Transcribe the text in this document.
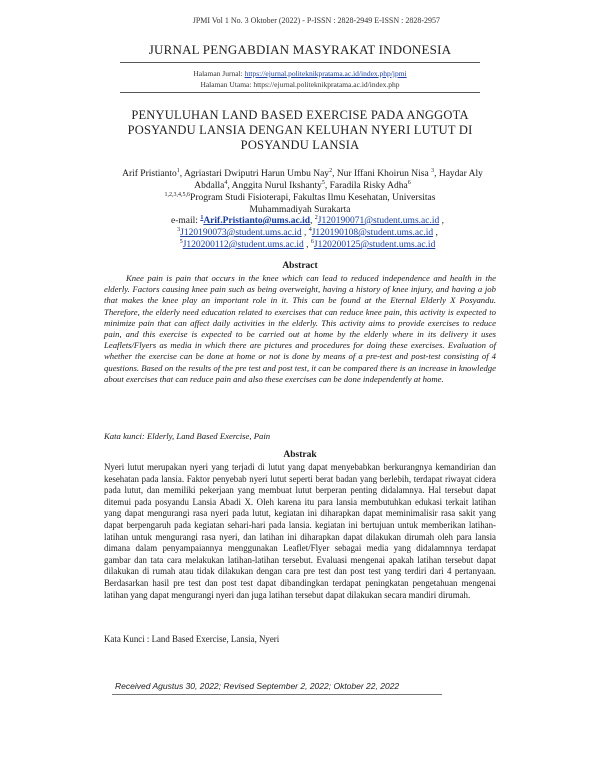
JPMI Vol 1 No. 3 Oktober (2022) - P-ISSN : 2828-2949 E-ISSN : 2828-2957
JURNAL PENGABDIAN MASYRAKAT INDONESIA
Halaman Jurnal: https://ejurnal.politeknikpratama.ac.id/index.php/jpmi
Halaman Utama: https://ejurnal.politeknikpratama.ac.id/index.php
PENYULUHAN LAND BASED EXERCISE PADA ANGGOTA POSYANDU LANSIA DENGAN KELUHAN NYERI LUTUT DI POSYANDU LANSIA
Arif Pristianto$^1$, Agriastari Dwiputri Harun Umbu Nay$^2$, Nur Iffani Khoirun Nisa $^3$, Haydar Aly Abdalla$^4$, Anggita Nurul Ikshanty$^5$, Faradila Risky Adha$^6$
$^{1,2,3,4,5,6}$Program Studi Fisioterapi, Fakultas Ilmu Kesehatan, Universitas Muhammadiyah Surakarta
e-mail: $^1$Arif.Pristianto@ums.ac.id, $^2$J120190071@student.ums.ac.id ,
$^3$J120190073@student.ums.ac.id , $^4$J120190108@student.ums.ac.id ,
$^5$J120200112@student.ums.ac.id , $^6$J120200125@student.ums.ac.id
Abstract
Knee pain is pain that occurs in the knee which can lead to reduced independence and health in the elderly. Factors causing knee pain such as being overweight, having a history of knee injury, and having a job that makes the knee play an important role in it. This can be found at the Eternal Elderly X Posyandu. Therefore, the elderly need education related to exercises that can reduce knee pain, this activity is expected to minimize pain that can affect daily activities in the elderly. This activity aims to provide exercises to reduce pain, and this exercise is expected to be carried out at home by the elderly where in its delivery it uses Leaflets/Flyers as media in which there are pictures and procedures for doing these exercises. Evaluation of whether the exercise can be done at home or not is done by means of a pre-test and post-test consisting of 4 questions. Based on the results of the pre test and post test, it can be compared there is an increase in knowledge about exercises that can reduce pain and also these exercises can be done independently at home.
Kata kunci: Elderly, Land Based Exercise, Pain
Abstrak
Nyeri lutut merupakan nyeri yang terjadi di lutut yang dapat menyebabkan berkurangnya kemandirian dan kesehatan pada lansia. Faktor penyebab nyeri lutut seperti berat badan yang berlebih, terdapat riwayat cidera pada lutut, dan memiliki pekerjaan yang membuat lutut berperan penting didalamnya. Hal tersebut dapat ditemui pada posyandu Lansia Abadi X. Oleh karena itu para lansia membutuhkan edukasi terkait latihan yang dapat mengurangi rasa nyeri pada lutut, kegiatan ini diharapkan dapat meminimalisir rasa sakit yang dapat berpengaruh pada kegiatan sehari-hari pada lansia. kegiatan ini bertujuan untuk memberikan latihan-latihan untuk mengurangi rasa nyeri, dan latihan ini diharapkan dapat dilakukan dirumah oleh para lansia dimana dalam penyampaiannya menggunakan Leaflet/Flyer sebagai media yang didalamnnya terdapat gambar dan tata cara melakukan latihan-latihan tersebut. Evaluasi mengenai apakah latihan tersebut dapat dilakukan di rumah atau tidak dilakukan dengan cara pre test dan post test yang terdiri dari 4 pertanyaan. Berdasarkan hasil pre test dan post test dapat dibandingkan terdapat peningkatan pengetahuan mengenai latihan yang dapat mengurangi nyeri dan juga latihan tersebut dapat dilakukan secara mandiri dirumah.
Kata Kunci : Land Based Exercise, Lansia, Nyeri
Received Agustus 30, 2022; Revised September 2, 2022; Oktober 22, 2022
